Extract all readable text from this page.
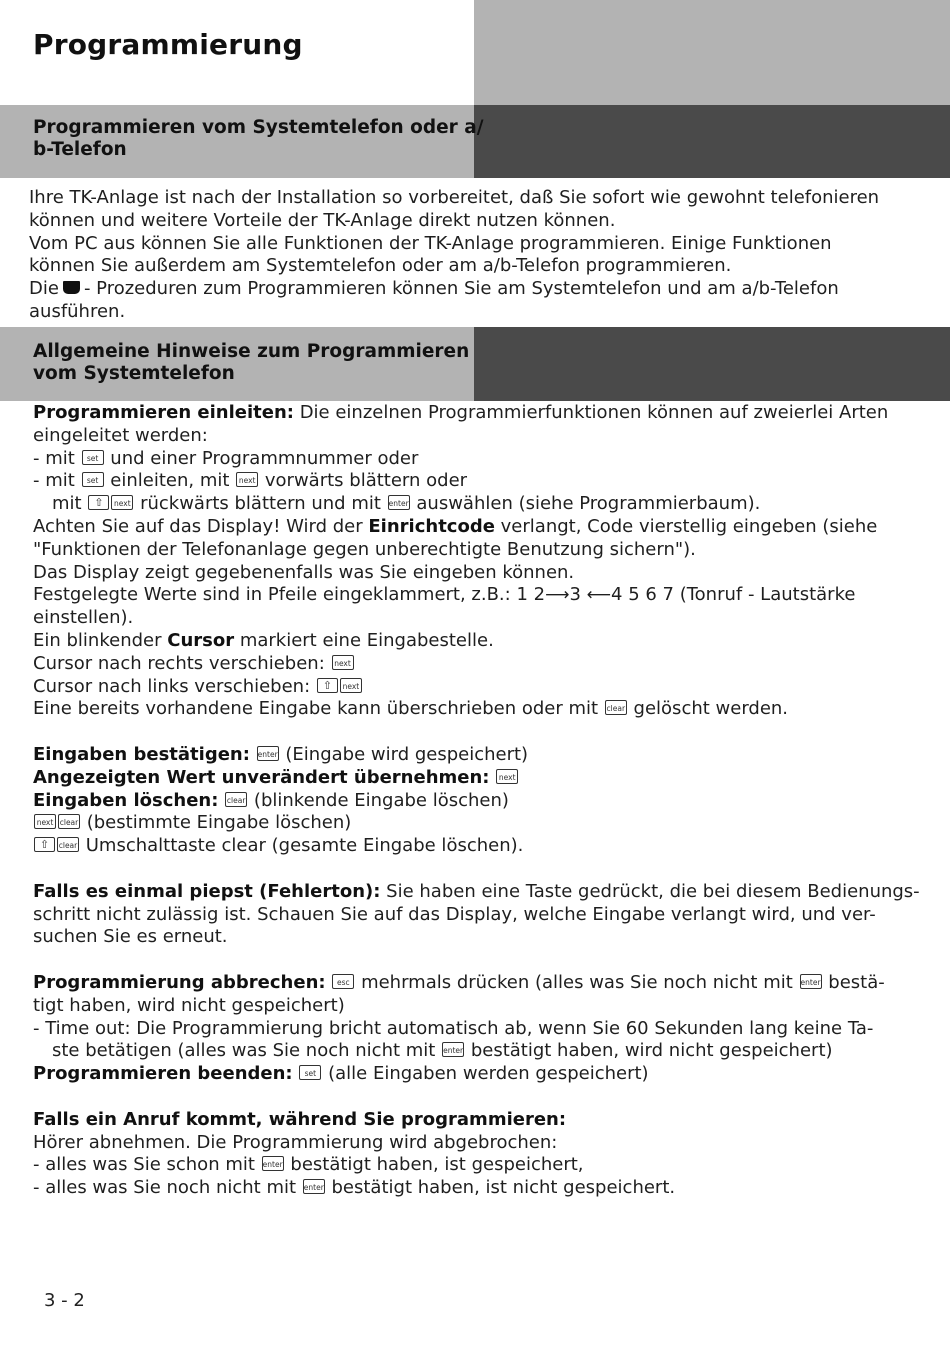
Programmierung
Programmieren vom Systemtelefon oder a/
b-Telefon
Ihre TK-Anlage ist nach der Installation so vorbereitet, daß Sie sofort wie gewohnt telefonieren
können und weitere Vorteile der TK-Anlage direkt nutzen können.
Vom PC aus können Sie alle Funktionen der TK-Anlage programmieren. Einige Funktionen
können Sie außerdem am Systemtelefon oder am a/b-Telefon programmieren.
Die - Prozeduren zum Programmieren können Sie am Systemtelefon und am a/b-Telefon
ausführen.
Allgemeine Hinweise zum Programmieren
vom Systemtelefon
Programmieren einleiten: Die einzelnen Programmierfunktionen können auf zweierlei Arten
eingeleitet werden:
- mit set und einer Programmnummer oder
- mit set einleiten, mit next vorwärts blättern oder
mit ⇧ next rückwärts blättern und mit enter auswählen (siehe Programmierbaum).
Achten Sie auf das Display! Wird der Einrichtcode verlangt, Code vierstellig eingeben (siehe
"Funktionen der Telefonanlage gegen unberechtigte Benutzung sichern").
Das Display zeigt gegebenenfalls was Sie eingeben können.
Festgelegte Werte sind in Pfeile eingeklammert, z.B.: 1 2⟶3 ⟵4 5 6 7 (Tonruf - Lautstärke
einstellen).
Ein blinkender Cursor markiert eine Eingabestelle.
Cursor nach rechts verschieben: next
Cursor nach links verschieben: ⇧ next
Eine bereits vorhandene Eingabe kann überschrieben oder mit clear gelöscht werden.
Eingaben bestätigen: enter (Eingabe wird gespeichert)
Angezeigten Wert unverändert übernehmen: next
Eingaben löschen: clear (blinkende Eingabe löschen)
next clear (bestimmte Eingabe löschen)
⇧ clear Umschalttaste clear (gesamte Eingabe löschen).
Falls es einmal piepst (Fehlerton): Sie haben eine Taste gedrückt, die bei diesem Bedienungs-
schritt nicht zulässig ist. Schauen Sie auf das Display, welche Eingabe verlangt wird, und ver-
suchen Sie es erneut.
Programmierung abbrechen: esc mehrmals drücken (alles was Sie noch nicht mit enter bestä-
tigt haben, wird nicht gespeichert)
- Time out: Die Programmierung bricht automatisch ab, wenn Sie 60 Sekunden lang keine Ta-
ste betätigen (alles was Sie noch nicht mit enter bestätigt haben, wird nicht gespeichert)
Programmieren beenden: set (alle Eingaben werden gespeichert)
Falls ein Anruf kommt, während Sie programmieren:
Hörer abnehmen. Die Programmierung wird abgebrochen:
- alles was Sie schon mit enter bestätigt haben, ist gespeichert,
- alles was Sie noch nicht mit enter bestätigt haben, ist nicht gespeichert.
3 - 2
